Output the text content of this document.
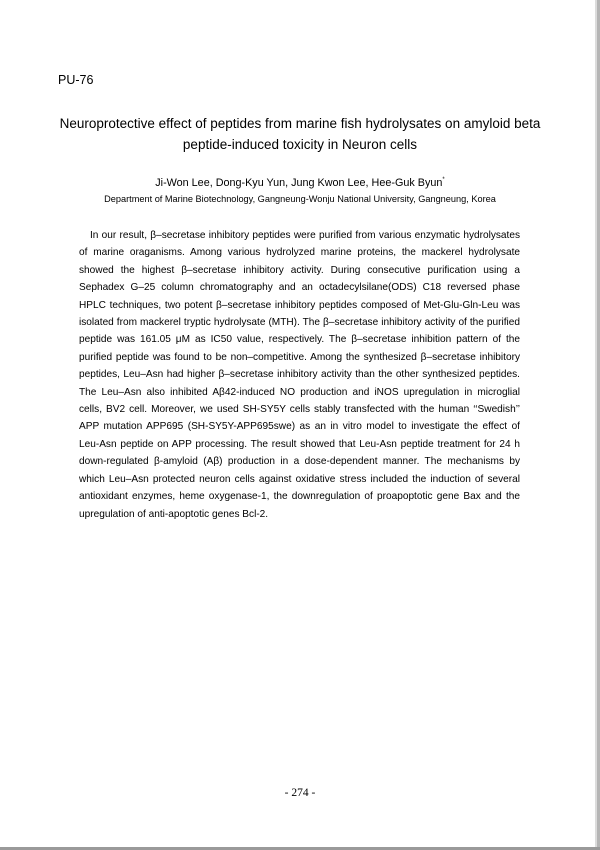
PU-76
Neuroprotective effect of peptides from marine fish hydrolysates on amyloid beta
peptide-induced toxicity in Neuron cells
Ji-Won Lee, Dong-Kyu Yun, Jung Kwon Lee, Hee-Guk Byun*
Department of Marine Biotechnology, Gangneung-Wonju National University, Gangneung, Korea

In our result, β–secretase inhibitory peptides were purified from various enzymatic hydrolysates of marine oraganisms. Among various hydrolyzed marine proteins, the mackerel hydrolysate showed the highest β–secretase inhibitory activity. During consecutive purification using a Sephadex G–25 column chromatography and an octadecylsilane(ODS) C18 reversed phase HPLC techniques, two potent β–secretase inhibitory peptides composed of Met-Glu-Gln-Leu was isolated from mackerel tryptic hydrolysate (MTH). The β–secretase inhibitory activity of the purified peptide was 161.05 μM as IC50 value, respectively. The β–secretase inhibition pattern of the purified peptide was found to be non–competitive. Among the synthesized β–secretase inhibitory peptides, Leu–Asn had higher β–secretase inhibitory activity than the other synthesized peptides. The Leu–Asn also inhibited Aβ42-induced NO production and iNOS upregulation in microglial cells, BV2 cell. Moreover, we used SH-SY5Y cells stably transfected with the human ‘‘Swedish’’ APP mutation APP695 (SH-SY5Y-APP695swe) as an in vitro model to investigate the effect of Leu-Asn peptide on APP processing. The result showed that Leu-Asn peptide treatment for 24 h down-regulated β-amyloid (Aβ) production in a dose-dependent manner. The mechanisms by which Leu–Asn protected neuron cells against oxidative stress included the induction of several antioxidant enzymes, heme oxygenase-1, the downregulation of proapoptotic gene Bax and the upregulation of anti-apoptotic genes Bcl-2.

- 274 -
